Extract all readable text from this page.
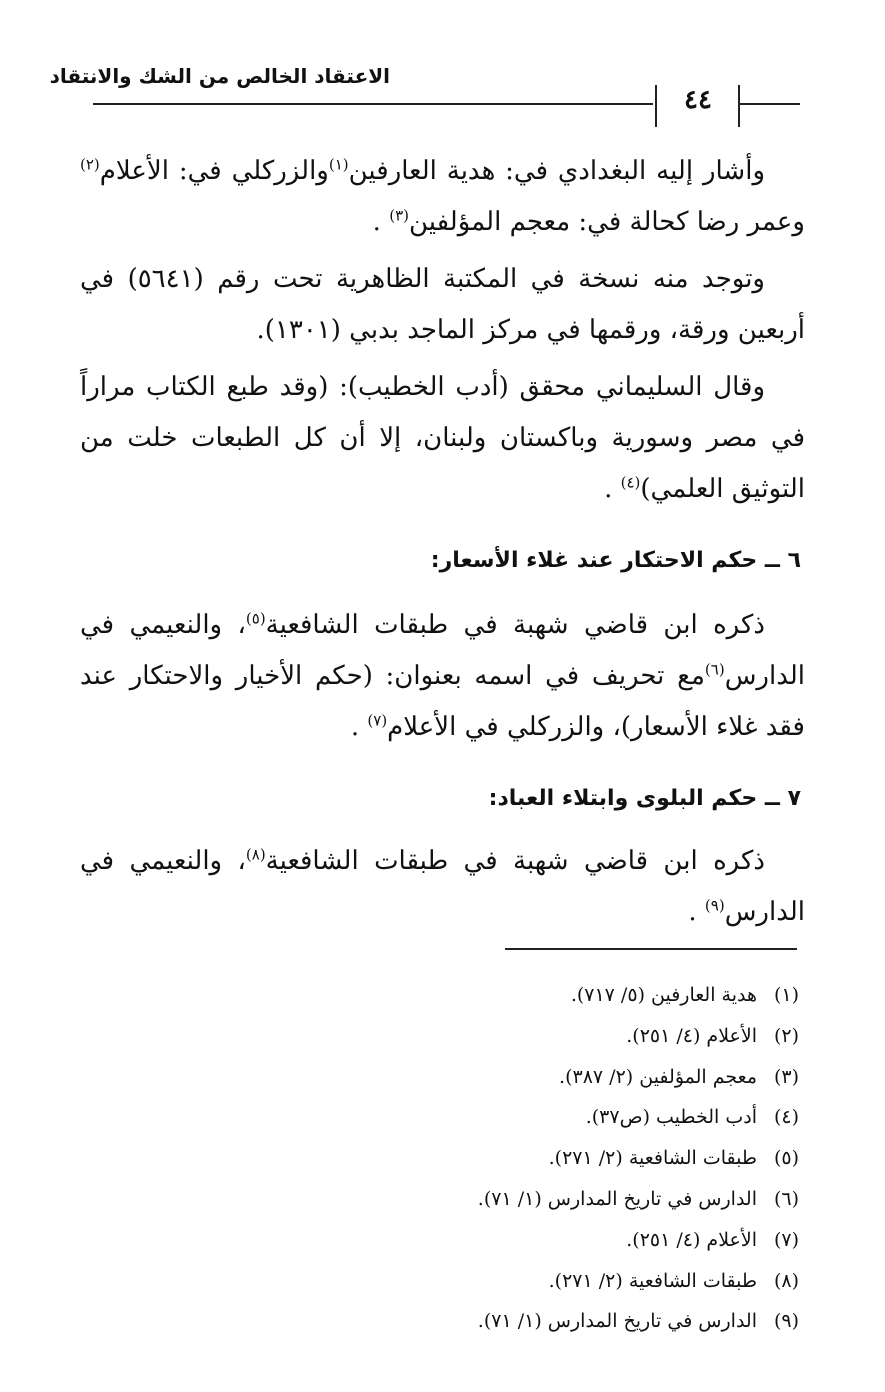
الاعتقاد الخالص من الشك والانتقاد
٤٤
وأشار إليه البغدادي في: هدية العارفين$^{(١)}$والزركلي في: الأعلام$^{(٢)}$ وعمر رضا كحالة في: معجم المؤلفين$^{(٣)}$ .
وتوجد منه نسخة في المكتبة الظاهرية تحت رقم (٥٦٤١) في أربعين ورقة، ورقمها في مركز الماجد بدبي (١٣٠١).
وقال السليماني محقق (أدب الخطيب): (وقد طبع الكتاب مراراً في مصر وسورية وباكستان ولبنان، إلا أن كل الطبعات خلت من التوثيق العلمي)$^{(٤)}$ .
٦ ــ حكم الاحتكار عند غلاء الأسعار:
ذكره ابن قاضي شهبة في طبقات الشافعية$^{(٥)}$، والنعيمي في الدارس$^{(٦)}$مع تحريف في اسمه بعنوان: (حكم الأخيار والاحتكار عند فقد غلاء الأسعار)، والزركلي في الأعلام$^{(٧)}$ .
٧ ــ حكم البلوى وابتلاء العباد:
ذكره ابن قاضي شهبة في طبقات الشافعية$^{(٨)}$، والنعيمي في الدارس$^{(٩)}$ .
(١)هدية العارفين (٥/ ٧١٧).
(٢)الأعلام (٤/ ٢٥١).
(٣)معجم المؤلفين (٢/ ٣٨٧).
(٤)أدب الخطيب (ص٣٧).
(٥)طبقات الشافعية (٢/ ٢٧١).
(٦)الدارس في تاريخ المدارس (١/ ٧١).
(٧)الأعلام (٤/ ٢٥١).
(٨)طبقات الشافعية (٢/ ٢٧١).
(٩)الدارس في تاريخ المدارس (١/ ٧١).
